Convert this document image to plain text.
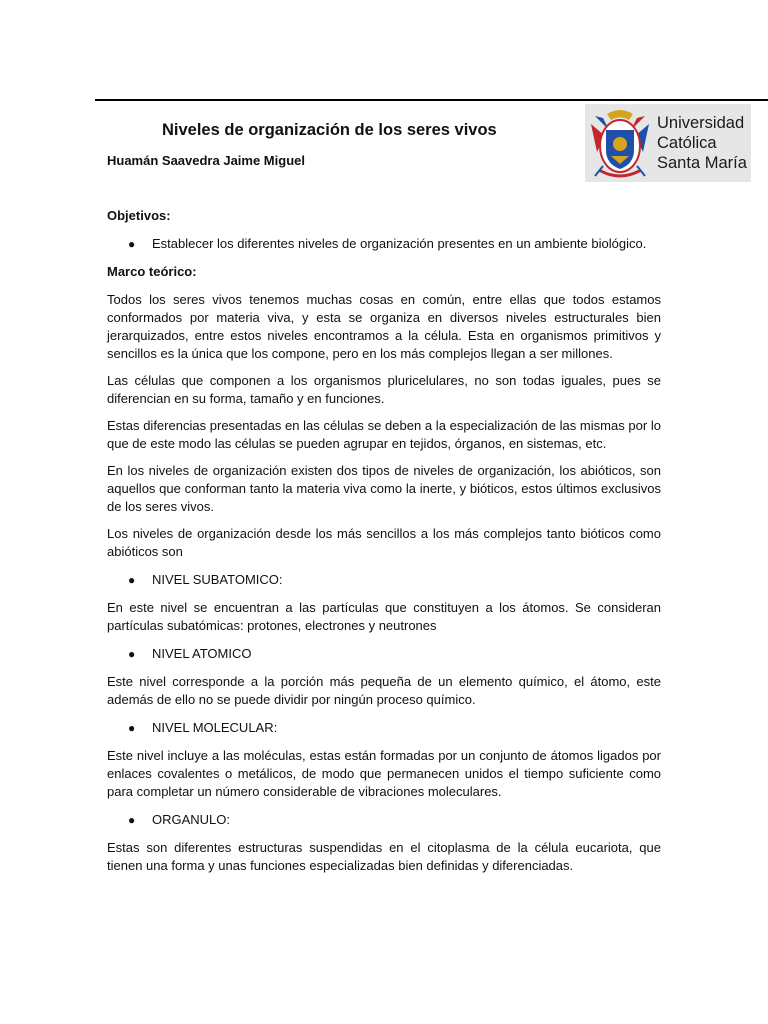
Niveles de organización de los seres vivos
Huamán Saavedra Jaime Miguel
Universidad
Católica
Santa María

Objetivos:

● Establecer los diferentes niveles de organización presentes en un ambiente biológico.

Marco teórico:

Todos los seres vivos tenemos muchas cosas en común, entre ellas que todos estamos conformados por materia viva, y esta se organiza en diversos niveles estructurales bien jerarquizados, entre estos niveles encontramos a la célula. Esta en organismos primitivos y sencillos es la única que los compone, pero en los más complejos llegan a ser millones.

Las células que componen a los organismos pluricelulares, no son todas iguales, pues se diferencian en su forma, tamaño y en funciones.

Estas diferencias presentadas en las células se deben a la especialización de las mismas por lo que de este modo las células se pueden agrupar en tejidos, órganos, en sistemas, etc.

En los niveles de organización existen dos tipos de niveles de organización, los abióticos, son aquellos que conforman tanto la materia viva como la inerte, y bióticos, estos últimos exclusivos de los seres vivos.

Los niveles de organización desde los más sencillos a los más complejos tanto bióticos como abióticos son

● NIVEL SUBATOMICO:

En este nivel se encuentran a las partículas que constituyen a los átomos. Se consideran partículas subatómicas: protones, electrones y neutrones

● NIVEL ATOMICO

Este nivel corresponde a la porción más pequeña de un elemento químico, el átomo, este además de ello no se puede dividir por ningún proceso químico.

● NIVEL MOLECULAR:

Este nivel incluye a las moléculas, estas están formadas por un conjunto de átomos ligados por enlaces covalentes o metálicos, de modo que permanecen unidos el tiempo suficiente como para completar un número considerable de vibraciones moleculares.

● ORGANULO:

Estas son diferentes estructuras suspendidas en el citoplasma de la célula eucariota, que tienen una forma y unas funciones especializadas bien definidas y diferenciadas.
